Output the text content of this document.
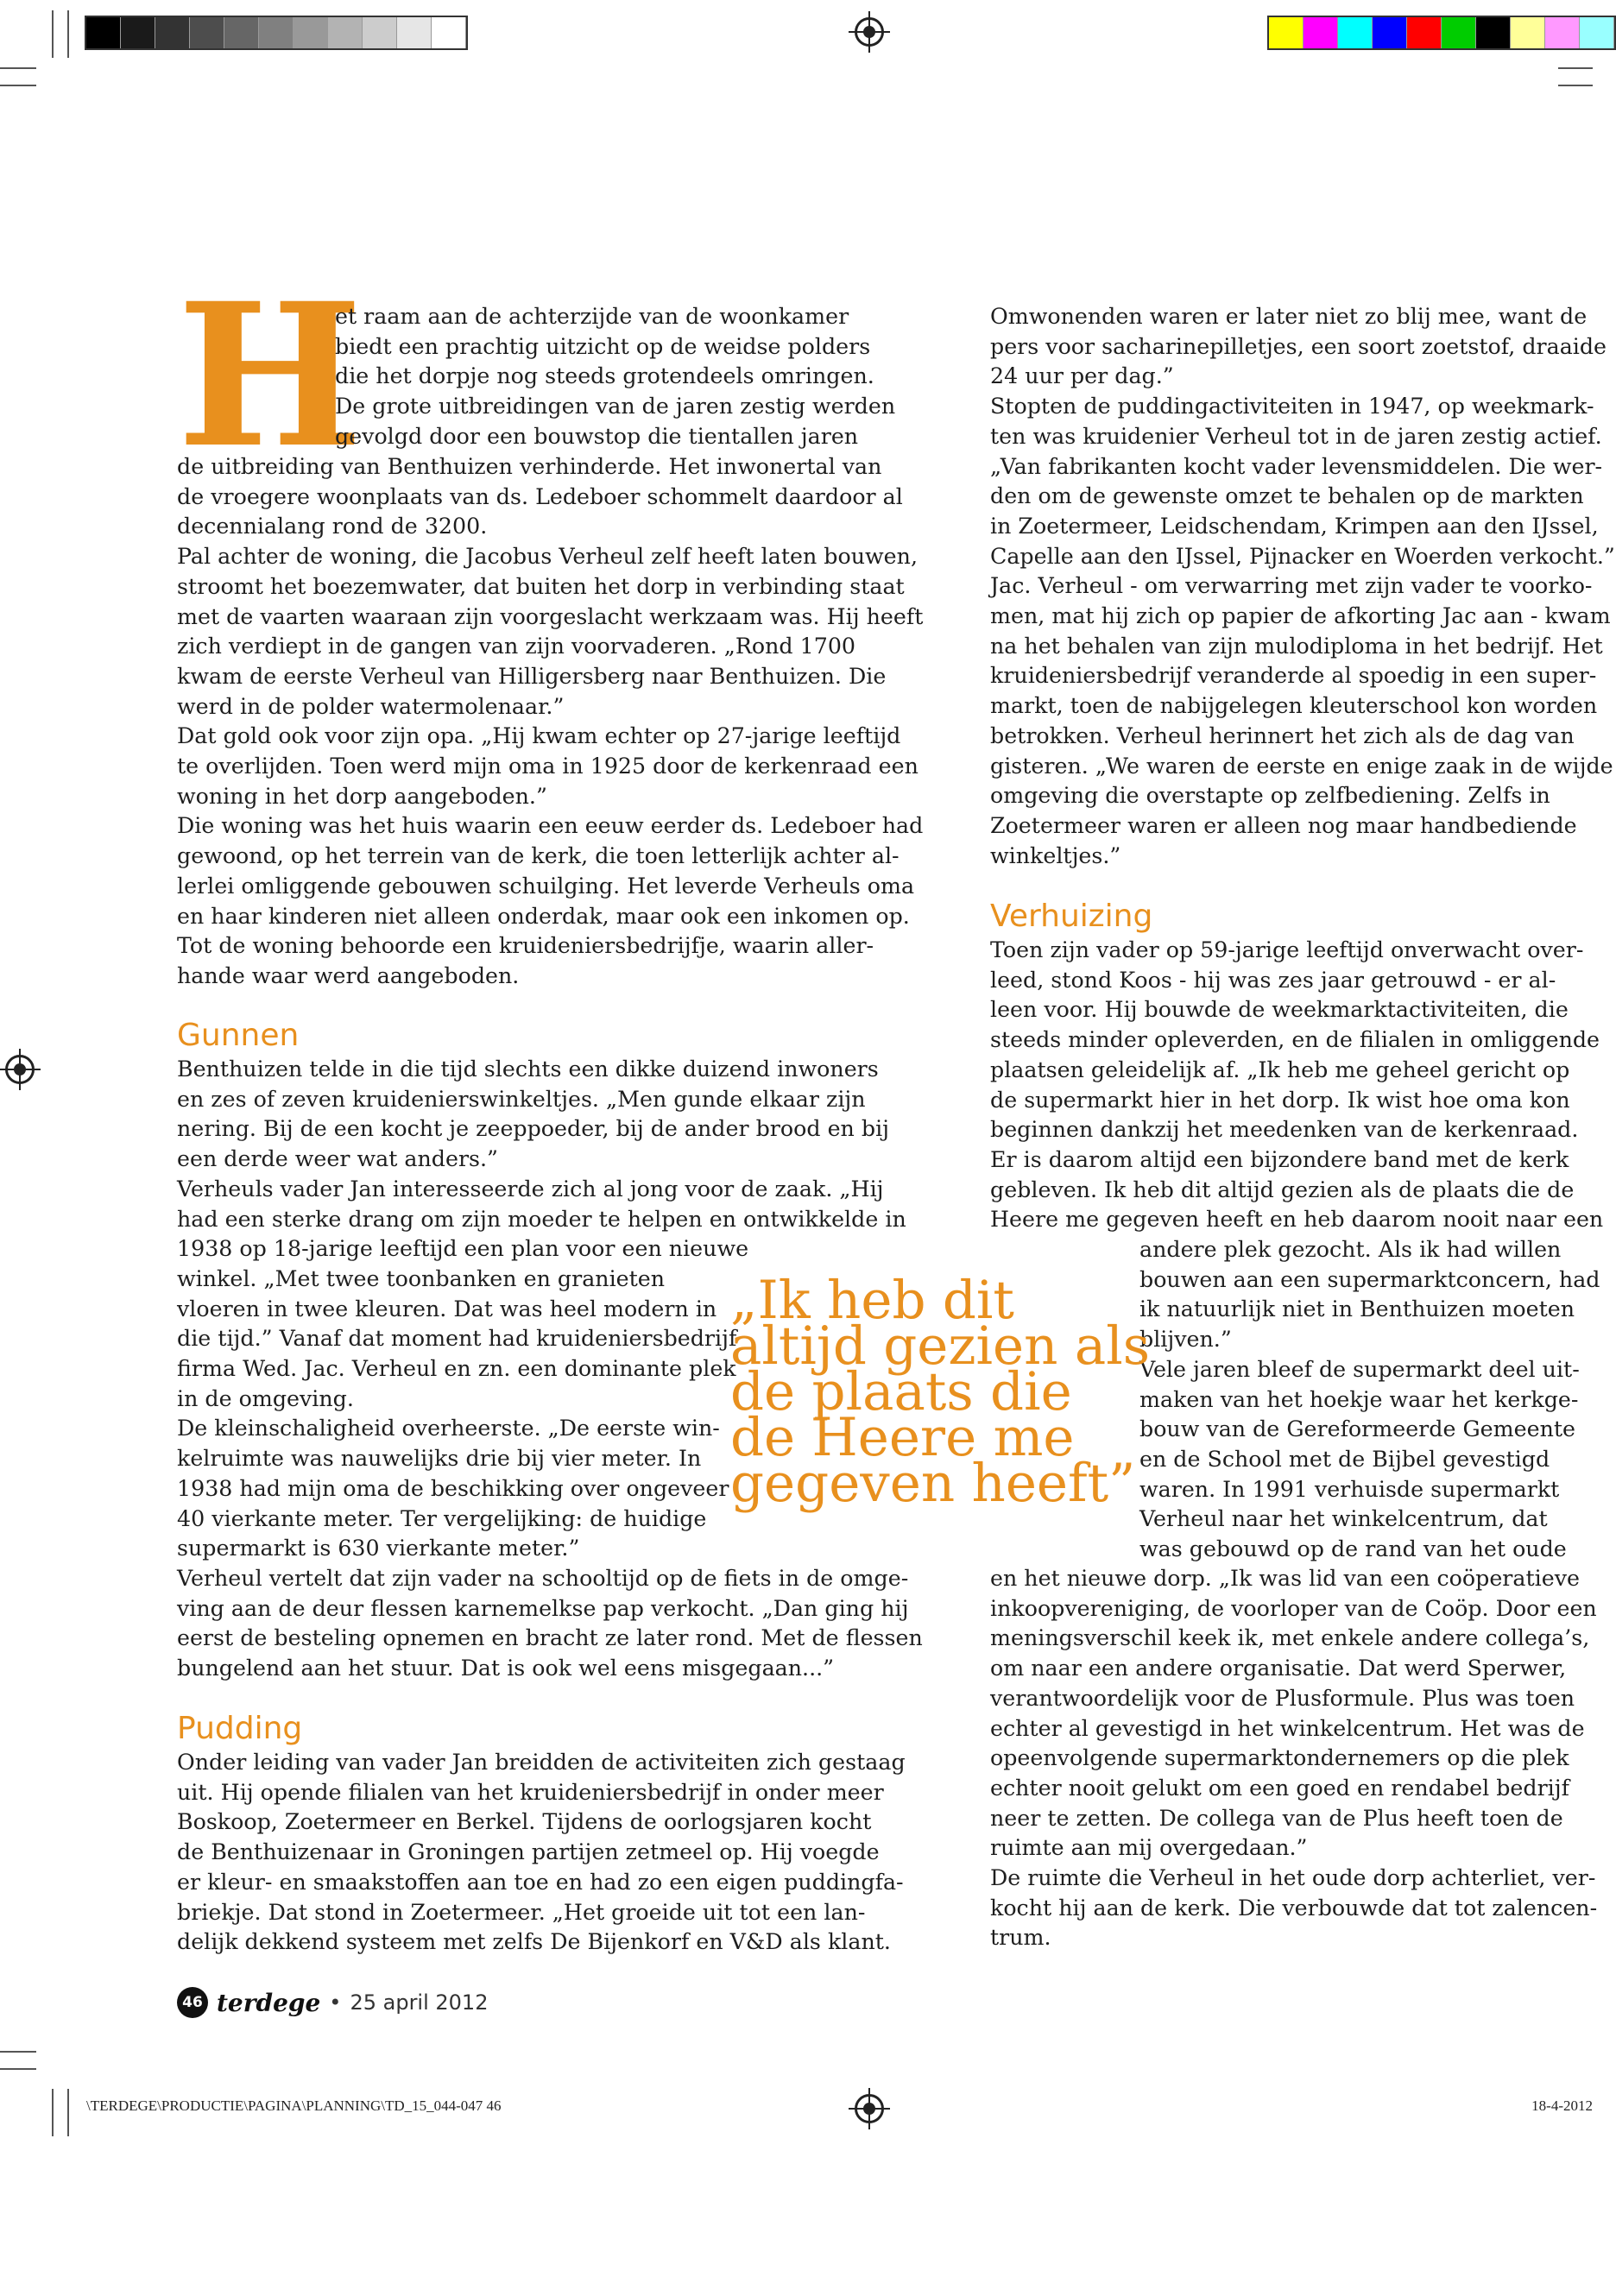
H

et raam aan de achterzijde van de woonkamer

biedt een prachtig uitzicht op de weidse polders

die het dorpje nog steeds grotendeels omringen.

De grote uitbreidingen van de jaren zestig werden

gevolgd door een bouwstop die tientallen jaren

de uitbreiding van Benthuizen verhinderde. Het inwonertal van

de vroegere woonplaats van ds. Ledeboer schommelt daardoor al

decennialang rond de 3200.

Pal achter de woning, die Jacobus Verheul zelf heeft laten bouwen,

stroomt het boezemwater, dat buiten het dorp in verbinding staat

met de vaarten waaraan zijn voorgeslacht werkzaam was. Hij heeft

zich verdiept in de gangen van zijn voorvaderen. „Rond 1700

kwam de eerste Verheul van Hilligersberg naar Benthuizen. Die

werd in de polder watermolenaar.”

Dat gold ook voor zijn opa. „Hij kwam echter op 27-jarige leeftijd

te overlijden. Toen werd mijn oma in 1925 door de kerkenraad een

woning in het dorp aangeboden.”

Die woning was het huis waarin een eeuw eerder ds. Ledeboer had

gewoond, op het terrein van de kerk, die toen letterlijk achter al-

lerlei omliggende gebouwen schuilging. Het leverde Verheuls oma

en haar kinderen niet alleen onderdak, maar ook een inkomen op.

Tot de woning behoorde een kruideniersbedrijfje, waarin aller-

hande waar werd aangeboden.

Gunnen

Benthuizen telde in die tijd slechts een dikke duizend inwoners

en zes of zeven kruidenierswinkeltjes. „Men gunde elkaar zijn

nering. Bij de een kocht je zeeppoeder, bij de ander brood en bij

een derde weer wat anders.”

Verheuls vader Jan interesseerde zich al jong voor de zaak. „Hij

had een sterke drang om zijn moeder te helpen en ontwikkelde in

1938 op 18-jarige leeftijd een plan voor een nieuwe

winkel. „Met twee toonbanken en granieten

vloeren in twee kleuren. Dat was heel modern in

die tijd.” Vanaf dat moment had kruideniersbedrijf

firma Wed. Jac. Verheul en zn. een dominante plek

in de omgeving.

De kleinschaligheid overheerste. „De eerste win-

kelruimte was nauwelijks drie bij vier meter. In

1938 had mijn oma de beschikking over ongeveer

40 vierkante meter. Ter vergelijking: de huidige

supermarkt is 630 vierkante meter.”

Verheul vertelt dat zijn vader na schooltijd op de fiets in de omge-

ving aan de deur flessen karnemelkse pap verkocht. „Dan ging hij

eerst de besteling opnemen en bracht ze later rond. Met de flessen

bungelend aan het stuur. Dat is ook wel eens misgegaan...”

Pudding

Onder leiding van vader Jan breidden de activiteiten zich gestaag

uit. Hij opende filialen van het kruideniersbedrijf in onder meer

Boskoop, Zoetermeer en Berkel. Tijdens de oorlogsjaren kocht

de Benthuizenaar in Groningen partijen zetmeel op. Hij voegde

er kleur- en smaakstoffen aan toe en had zo een eigen puddingfa-

briekje. Dat stond in Zoetermeer. „Het groeide uit tot een lan-

delijk dekkend systeem met zelfs De Bijenkorf en V&D als klant.

Omwonenden waren er later niet zo blij mee, want de

pers voor sacharinepilletjes, een soort zoetstof, draaide

24 uur per dag.”

Stopten de puddingactiviteiten in 1947, op weekmark-

ten was kruidenier Verheul tot in de jaren zestig actief.

„Van fabrikanten kocht vader levensmiddelen. Die wer-

den om de gewenste omzet te behalen op de markten

in Zoetermeer, Leidschendam, Krimpen aan den IJssel,

Capelle aan den IJssel, Pijnacker en Woerden verkocht.”

Jac. Verheul - om verwarring met zijn vader te voorko-

men, mat hij zich op papier de afkorting Jac aan - kwam

na het behalen van zijn mulodiploma in het bedrijf. Het

kruideniersbedrijf veranderde al spoedig in een super-

markt, toen de nabijgelegen kleuterschool kon worden

betrokken. Verheul herinnert het zich als de dag van

gisteren. „We waren de eerste en enige zaak in de wijde

omgeving die overstapte op zelfbediening. Zelfs in

Zoetermeer waren er alleen nog maar handbediende

winkeltjes.”

Verhuizing

Toen zijn vader op 59-jarige leeftijd onverwacht over-

leed, stond Koos - hij was zes jaar getrouwd - er al-

leen voor. Hij bouwde de weekmarktactiviteiten, die

steeds minder opleverden, en de filialen in omliggende

plaatsen geleidelijk af. „Ik heb me geheel gericht op

de supermarkt hier in het dorp. Ik wist hoe oma kon

beginnen dankzij het meedenken van de kerkenraad.

Er is daarom altijd een bijzondere band met de kerk

gebleven. Ik heb dit altijd gezien als de plaats die de

Heere me gegeven heeft en heb daarom nooit naar een

andere plek gezocht. Als ik had willen

bouwen aan een supermarktconcern, had

ik natuurlijk niet in Benthuizen moeten

blijven.”

Vele jaren bleef de supermarkt deel uit-

maken van het hoekje waar het kerkge-

bouw van de Gereformeerde Gemeente

en de School met de Bijbel gevestigd

waren. In 1991 verhuisde supermarkt

Verheul naar het winkelcentrum, dat

was gebouwd op de rand van het oude

en het nieuwe dorp. „Ik was lid van een coöperatieve

inkoopvereniging, de voorloper van de Coöp. Door een

meningsverschil keek ik, met enkele andere collega’s,

om naar een andere organisatie. Dat werd Sperwer,

verantwoordelijk voor de Plusformule. Plus was toen

echter al gevestigd in het winkelcentrum. Het was de

opeenvolgende supermarktondernemers op die plek

echter nooit gelukt om een goed en rendabel bedrijf

neer te zetten. De collega van de Plus heeft toen de

ruimte aan mij overgedaan.”

De ruimte die Verheul in het oude dorp achterliet, ver-

kocht hij aan de kerk. Die verbouwde dat tot zalencen-

trum.

„Ik heb dit
altijd gezien als
de plaats die
de Heere me
gegeven heeft”
46 terdege • 25 april 2012
\TERDEGE\PRODUCTIE\PAGINA\PLANNING\TD_15_044-047 46	18-4-2012
